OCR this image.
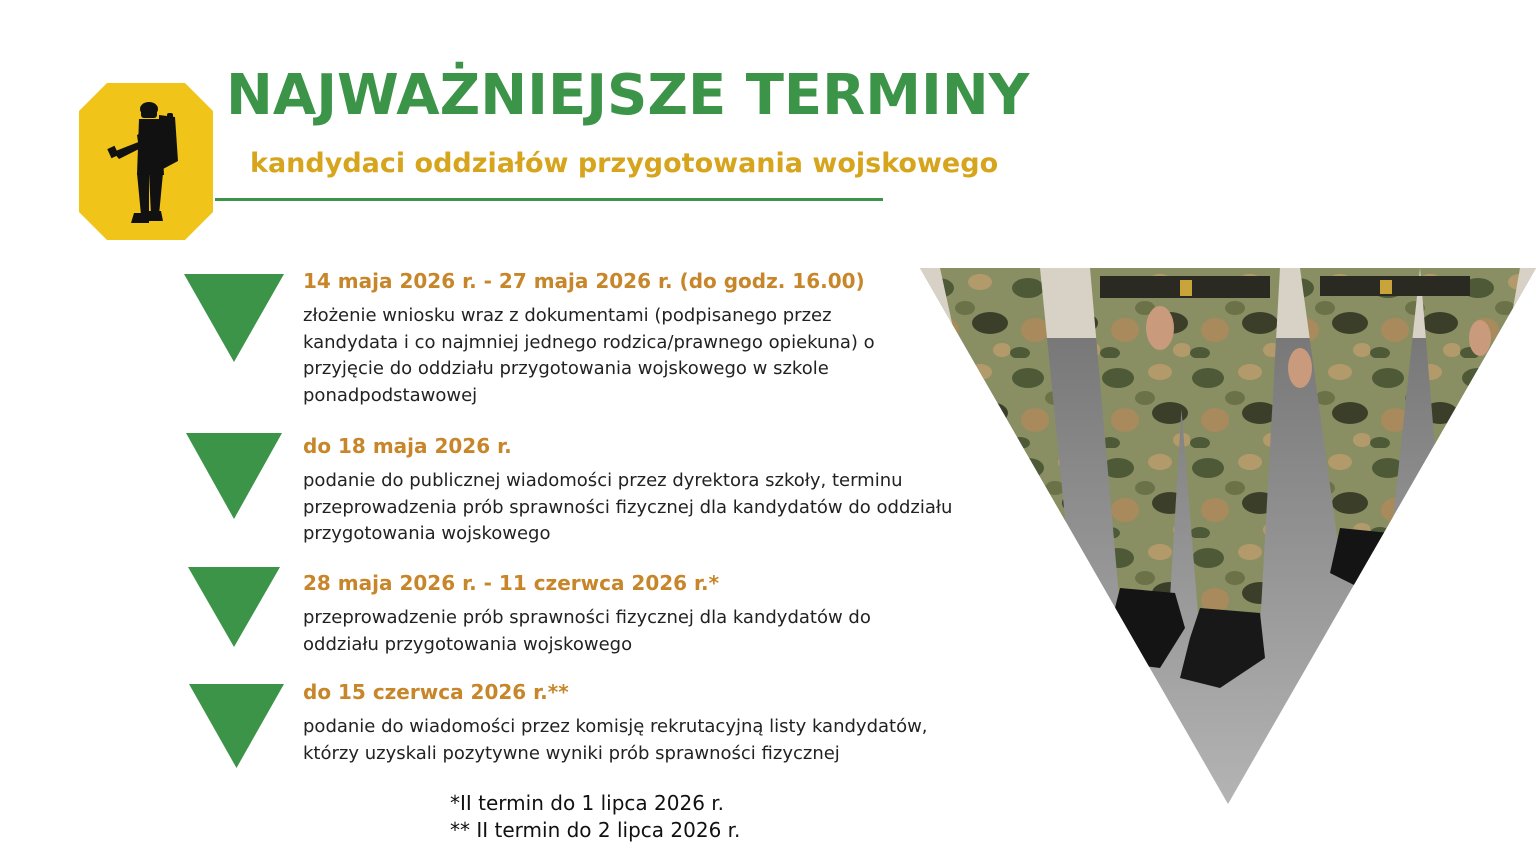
NAJWAŻNIEJSZE TERMINY
kandydaci oddziałów przygotowania wojskowego

14 maja 2026 r. - 27 maja 2026 r. (do godz. 16.00)

złożenie wniosku wraz z dokumentami (podpisanego przez kandydata i co najmniej jednego rodzica/prawnego opiekuna) o przyjęcie do oddziału przygotowania wojskowego w szkole ponadpodstawowej

do 18 maja 2026 r.

podanie do publicznej wiadomości przez dyrektora szkoły, terminu przeprowadzenia prób sprawności fizycznej dla kandydatów do oddziału przygotowania wojskowego

28 maja 2026 r. - 11 czerwca 2026 r.*

przeprowadzenie prób sprawności fizycznej dla kandydatów do oddziału przygotowania wojskowego

do 15 czerwca 2026 r.**

podanie do wiadomości przez komisję rekrutacyjną listy kandydatów, którzy uzyskali pozytywne wyniki prób sprawności fizycznej

*II termin do 1 lipca 2026 r.

** II termin do 2 lipca 2026 r.
